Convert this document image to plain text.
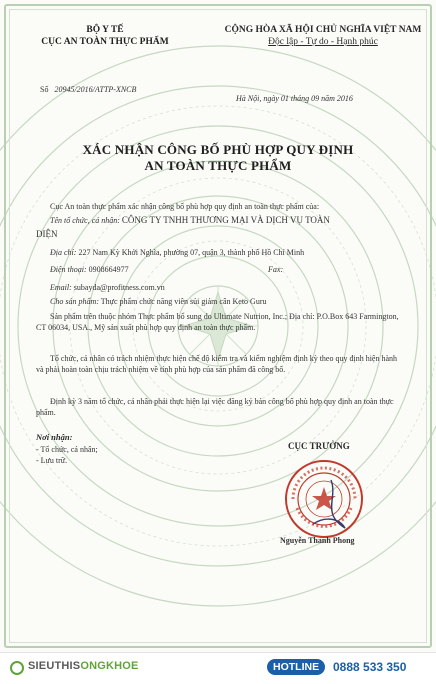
BỘ Y TẾ
CỤC AN TOÀN THỰC PHẨM
Số 20945/2016/ATTP-XNCB
CỘNG HÒA XÃ HỘI CHỦ NGHĨA VIỆT NAM
Độc lập - Tự do - Hạnh phúc
Hà Nội, ngày 01 tháng 09 năm 2016
XÁC NHẬN CÔNG BỐ PHÙ HỢP QUY ĐỊNH
AN TOÀN THỰC PHẨM
Cục An toàn thực phẩm xác nhận công bố phù hợp quy định an toàn thực phẩm của:
Tên tổ chức, cá nhân: CÔNG TY TNHH THƯƠNG MẠI VÀ DỊCH VỤ TOÀN
DIỆN
Địa chỉ: 227 Nam Kỳ Khởi Nghĩa, phường 07, quận 3, thành phố Hồ Chí Minh
Điện thoại: 0908664977	Fax:
Email: subayda@profitness.com.vn
Cho sản phẩm: Thực phẩm chức năng viên sủi giảm cân Keto Guru
Sản phẩm trên thuộc nhóm Thực phẩm bổ sung do Ultimate Nutrion, Inc.; Địa chỉ: P.O.Box 643 Farmington, CT 06034, USA., Mỹ sản xuất phù hợp quy định an toàn thực phẩm.
Tổ chức, cá nhân có trách nhiệm thực hiện chế độ kiểm tra và kiểm nghiệm định kỳ theo quy định hiện hành và phải hoàn toàn chịu trách nhiệm về tính phù hợp của sản phẩm đã công bố.
Định kỳ 3 năm tổ chức, cá nhân phải thực hiện lại việc đăng ký bản công bố phù hợp quy định an toàn thực phẩm.
Nơi nhận:
- Tổ chức, cá nhân;
- Lưu trữ.
CỤC TRƯỞNG
Nguyễn Thanh Phong
SIEUTHISONGKHOE	HOTLINE	0888 533 350
